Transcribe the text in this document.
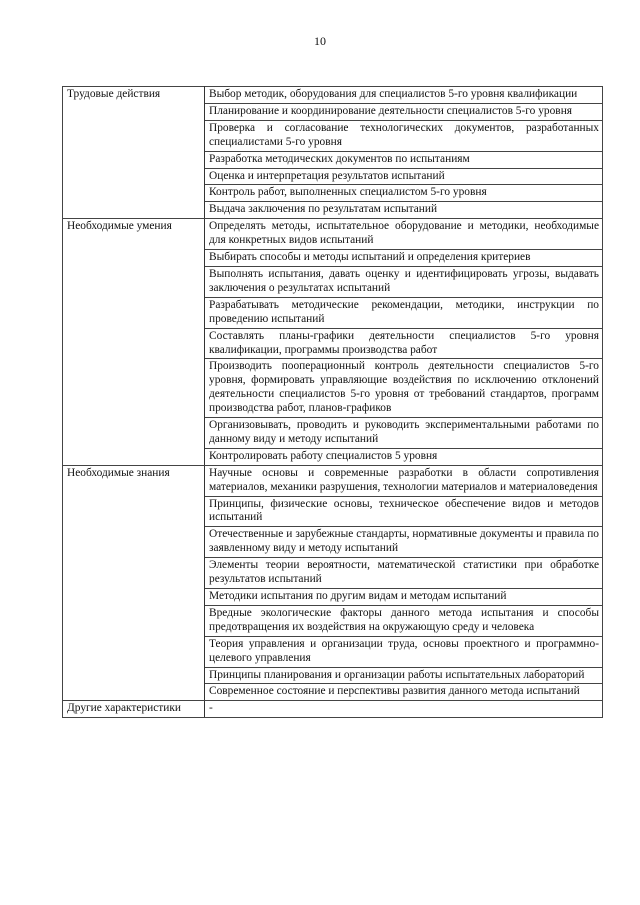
10
Трудовые действия	Выбор методик, оборудования для специалистов 5-го уровня квалификации
	Планирование и координирование деятельности специалистов 5-го уровня
	Проверка и согласование технологических документов, разработанных специалистами 5-го уровня
	Разработка методических документов по испытаниям
	Оценка и интерпретация результатов испытаний
	Контроль работ, выполненных специалистом 5-го уровня
	Выдача заключения по результатам испытаний
Необходимые умения	Определять методы, испытательное оборудование и методики, необходимые для конкретных видов испытаний
	Выбирать способы и методы испытаний и определения критериев
	Выполнять испытания, давать оценку и идентифицировать угрозы, выдавать заключения о результатах испытаний
	Разрабатывать методические рекомендации, методики, инструкции по проведению испытаний
	Составлять планы-графики деятельности специалистов 5-го уровня квалификации, программы производства работ
	Производить пооперационный контроль деятельности специалистов 5-го уровня, формировать управляющие воздействия по исключению отклонений деятельности специалистов 5-го уровня от требований стандартов, программ производства работ, планов-графиков
	Организовывать, проводить и руководить экспериментальными работами по данному виду и методу испытаний
	Контролировать работу специалистов 5 уровня
Необходимые знания	Научные основы и современные разработки в области сопротивления материалов, механики разрушения, технологии материалов и материаловедения
	Принципы, физические основы, техническое обеспечение видов и методов испытаний
	Отечественные и зарубежные стандарты, нормативные документы и правила по заявленному виду и методу испытаний
	Элементы теории вероятности, математической статистики при обработке результатов испытаний
	Методики испытания по другим видам и методам испытаний
	Вредные экологические факторы данного метода испытания и способы предотвращения их воздействия на окружающую среду и человека
	Теория управления и организации труда, основы проектного и программно-целевого управления
	Принципы планирования и организации работы испытательных лабораторий
	Современное состояние и перспективы развития данного метода испытаний
Другие характеристики	-
